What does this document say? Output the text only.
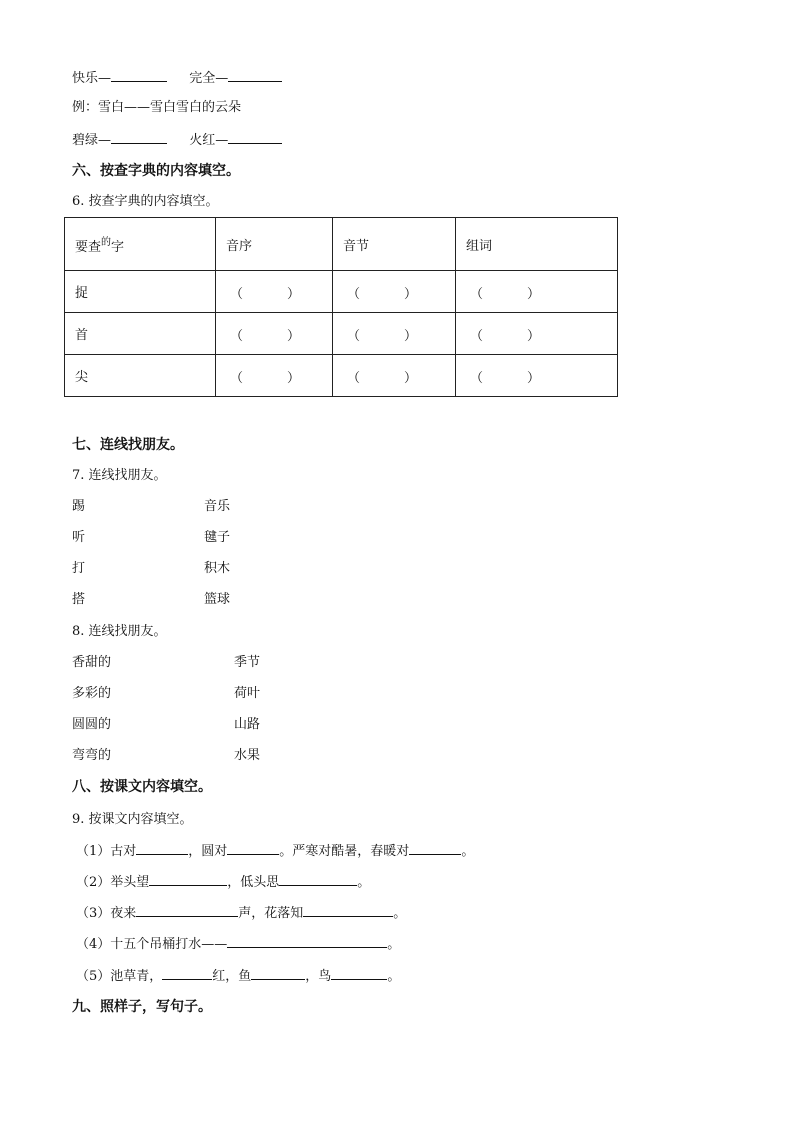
快乐—	完全—
例：雪白——雪白雪白的云朵
碧绿—	火红—
六、按查字典的内容填空。
6. 按查字典的内容填空。
要查$^的$字	音序	音节	组词
捉	（ ）	（ ）	（ ）

首	（ ）	（ ）	（ ）

尖	（ ）	（ ）	（ ）
七、连线找朋友。
7. 连线找朋友。
踢	音乐
听	毽子
打	积木
搭	篮球
8. 连线找朋友。
香甜的	季节
多彩的	荷叶
圆圆的	山路
弯弯的	水果
八、按课文内容填空。
9. 按课文内容填空。
（1）古对	，圆对	。严寒对酷暑，春暖对	。
（2）举头望	，低头思	。
（3）夜来	声，花落知	。
（4）十五个吊桶打水——	。
（5）池草青，	红，鱼	，鸟	。
九、照样子，写句子。
